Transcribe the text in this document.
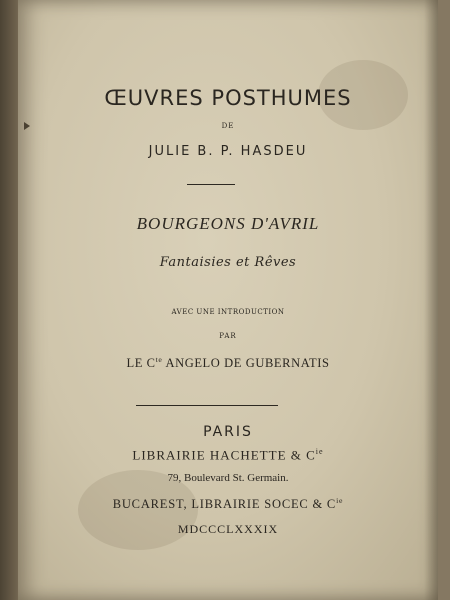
ŒUVRES POSTHUMES
DE
JULIE B. P. HASDEU
BOURGEONS D'AVRIL
Fantaisies et Rêves
AVEC UNE INTRODUCTION
PAR
LE $C^{te}$ ANGELO DE GUBERNATIS
PARIS
LIBRAIRIE HACHETTE & $C^{ie}$
79, Boulevard St. Germain.
BUCAREST, LIBRAIRIE SOCEC & $C^{ie}$
MDCCCLXXXIX
